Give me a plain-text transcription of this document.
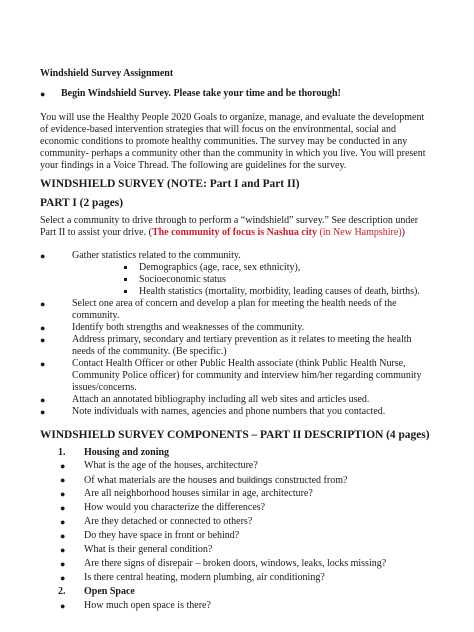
Windshield Survey Assignment
● Begin Windshield Survey. Please take your time and be thorough!
You will use the Healthy People 2020 Goals to organize, manage, and evaluate the development
of evidence-based intervention strategies that will focus on the environmental, social and
economic conditions to promote healthy communities. The survey may be conducted in any
community- perhaps a community other than the community in which you live. You will present
your findings in a Voice Thread. The following are guidelines for the survey.
WINDSHIELD SURVEY (NOTE: Part I and Part II)
PART I (2 pages)
Select a community to drive through to perform a “windshield” survey.” See description under
Part II to assist your drive. (The community of focus is Nashua city (in New Hampshire))
●	Gather statistics related to the community.
Demographics (age, race, sex ethnicity),
Socioeconomic status
Health statistics (mortality, morbidity, leading causes of death, births).
●	Select one area of concern and develop a plan for meeting the health needs of the
community.
●	Identify both strengths and weaknesses of the community.
●	Address primary, secondary and tertiary prevention as it relates to meeting the health
needs of the community. (Be specific.)
●	Contact Health Officer or other Public Health associate (think Public Health Nurse,
Community Police officer) for community and interview him/her regarding community
issues/concerns.
●	Attach an annotated bibliography including all web sites and articles used.
●	Note individuals with names, agencies and phone numbers that you contacted.
WINDSHIELD SURVEY COMPONENTS – PART II DESCRIPTION (4 pages)
1. Housing and zoning
● What is the age of the houses, architecture?
● Of what materials are the houses and buildings constructed from?
● Are all neighborhood houses similar in age, architecture?
● How would you characterize the differences?
● Are they detached or connected to others?
● Do they have space in front or behind?
● What is their general condition?
● Are there signs of disrepair – broken doors, windows, leaks, locks missing?
● Is there central heating, modern plumbing, air conditioning?
2. Open Space
● How much open space is there?
